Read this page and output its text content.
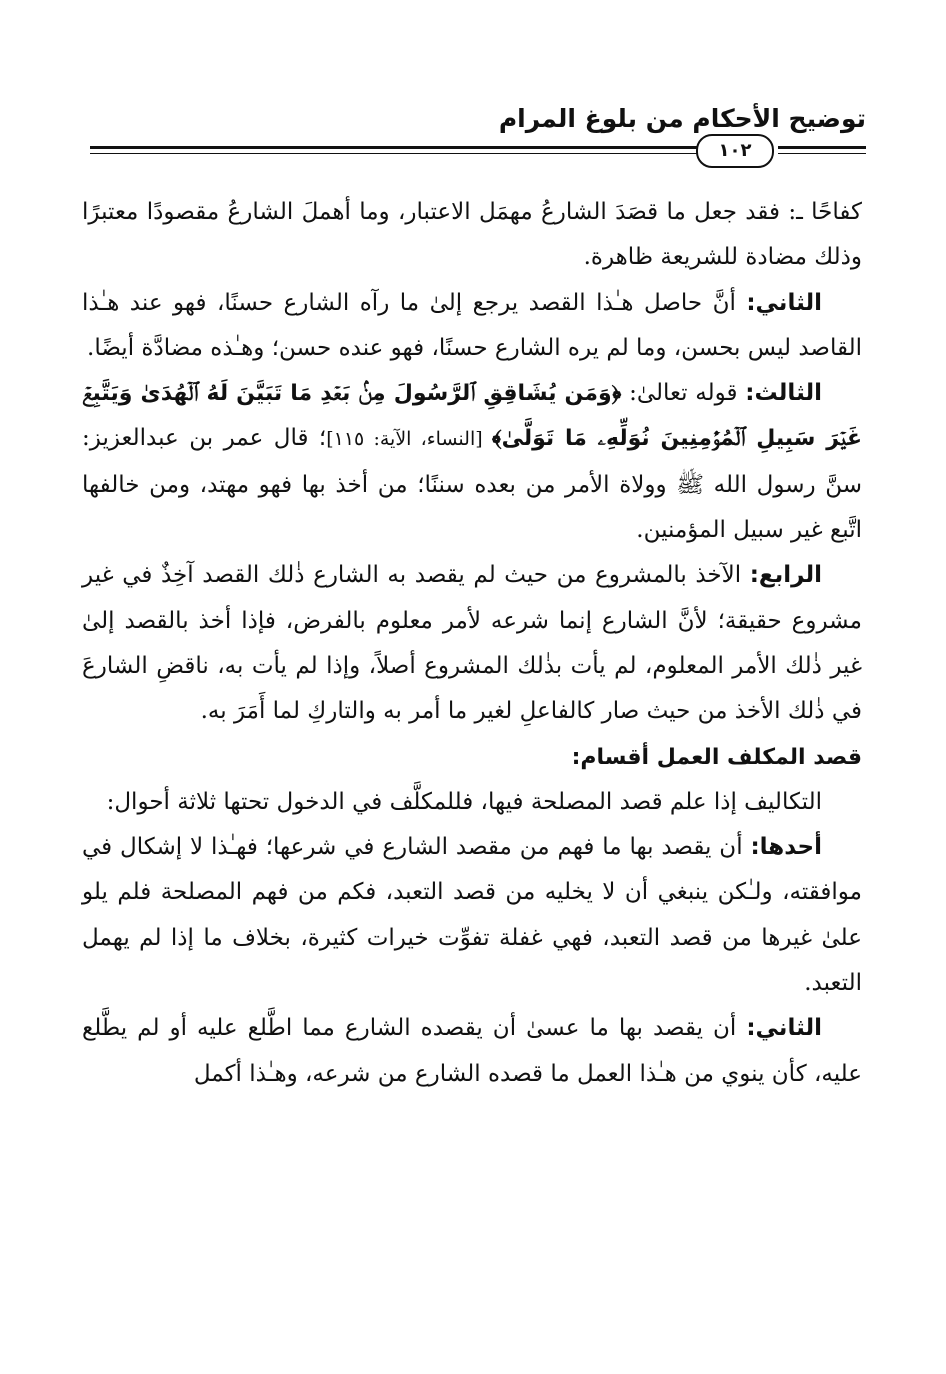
توضيح الأحكام من بلوغ المرام
١٠٢

كفاحًا ـ: فقد جعل ما قصَدَ الشارعُ مهمَل الاعتبار، وما أهملَ الشارعُ مقصودًا معتبرًا وذلك مضادة للشريعة ظاهرة.

الثاني: أنَّ حاصل هـٰذا القصد يرجع إلىٰ ما رآه الشارع حسنًا، فهو عند هـٰذا القاصد ليس بحسن، وما لم يره الشارع حسنًا، فهو عنده حسن؛ وهـٰذه مضادَّة أيضًا.

الثالث: قوله تعالىٰ: ﴿وَمَن يُشَاقِقِ ٱلرَّسُولَ مِنۢ بَعۡدِ مَا تَبَيَّنَ لَهُ ٱلۡهُدَىٰ وَيَتَّبِعۡ غَيۡرَ سَبِيلِ ٱلۡمُؤۡمِنِينَ نُوَلِّهِۦ مَا تَوَلَّىٰ﴾ [النساء، الآية: ١١٥]؛ قال عمر بن عبدالعزيز: سنَّ رسول الله ﷺ وولاة الأمر من بعده سننًا؛ من أخذ بها فهو مهتد، ومن خالفها اتَّبع غير سبيل المؤمنين.

الرابع: الآخذ بالمشروع من حيث لم يقصد به الشارع ذٰلك القصد آخِذٌ في غير مشروع حقيقة؛ لأنَّ الشارع إنما شرعه لأمر معلوم بالفرض، فإذا أخذ بالقصد إلىٰ غير ذٰلك الأمر المعلوم، لم يأت بذٰلك المشروع أصلاً، وإذا لم يأت به، ناقضِ الشارعَ في ذٰلك الأخذ من حيث صار كالفاعلِ لغير ما أمر به والتاركِ لما أَمَرَ به.

قصد المكلف العمل أقسام:

التكاليف إذا علم قصد المصلحة فيها، فللمكلَّف في الدخول تحتها ثلاثة أحوال:

أحدها: أن يقصد بها ما فهم من مقصد الشارع في شرعها؛ فهـٰذا لا إشكال في موافقته، ولـٰكن ينبغي أن لا يخليه من قصد التعبد، فكم من فهم المصلحة فلم يلو علىٰ غيرها من قصد التعبد، فهي غفلة تفوِّت خيرات كثيرة، بخلاف ما إذا لم يهمل التعبد.

الثاني: أن يقصد بها ما عسىٰ أن يقصده الشارع مما اطَّلع عليه أو لم يطَّلع عليه، كأن ينوي من هـٰذا العمل ما قصده الشارع من شرعه، وهـٰذا أكمل
